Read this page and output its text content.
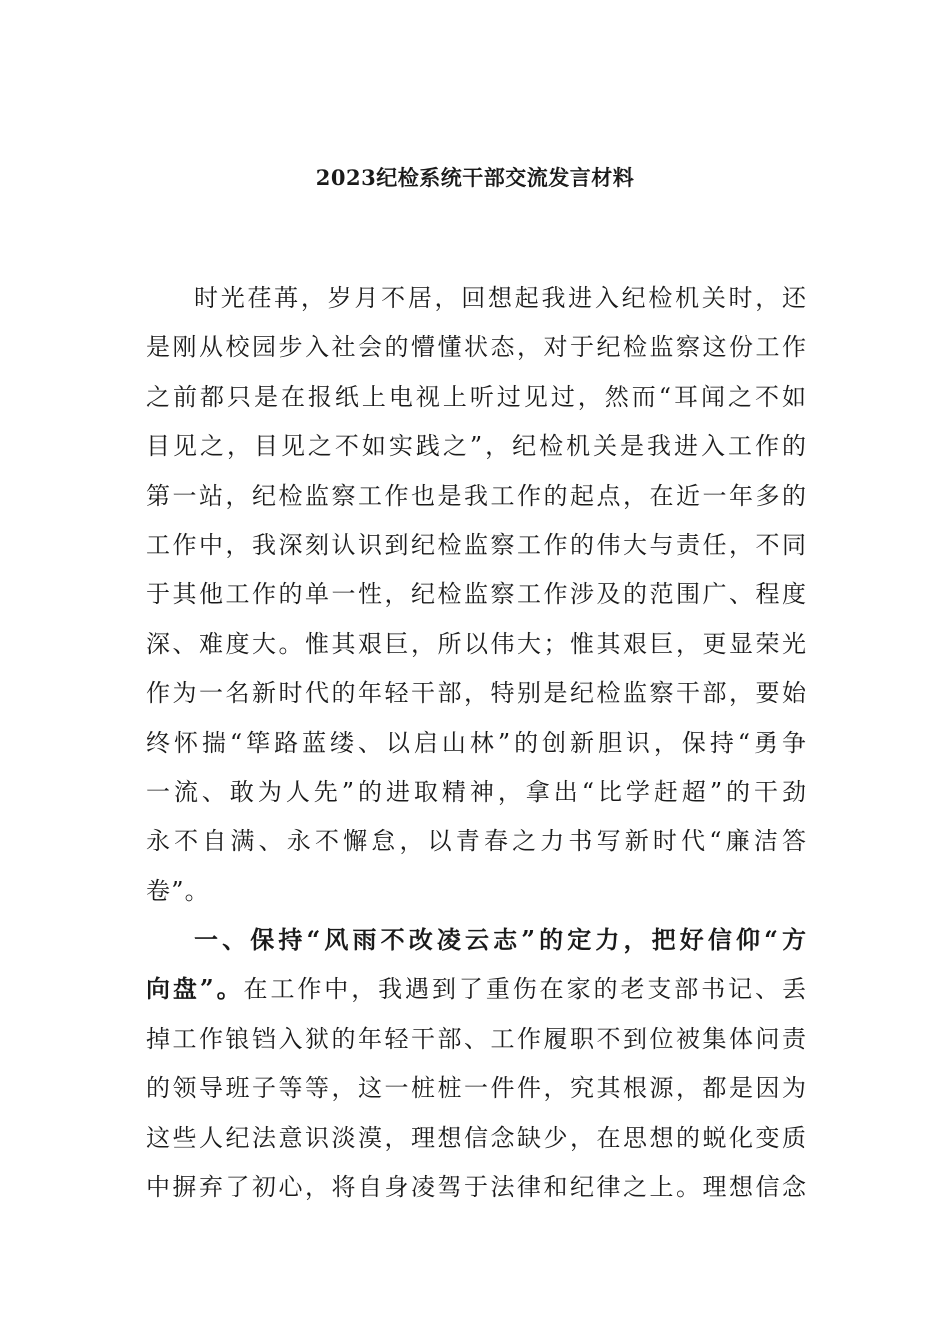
2023纪检系统干部交流发言材料
时光荏苒，岁月不居，回想起我进入纪检机关时，还
是刚从校园步入社会的懵懂状态，对于纪检监察这份工作
之前都只是在报纸上电视上听过见过，然而“耳闻之不如
目见之，目见之不如实践之”，纪检机关是我进入工作的
第一站，纪检监察工作也是我工作的起点，在近一年多的
工作中，我深刻认识到纪检监察工作的伟大与责任，不同
于其他工作的单一性，纪检监察工作涉及的范围广、程度
深、难度大。惟其艰巨，所以伟大；惟其艰巨，更显荣光
作为一名新时代的年轻干部，特别是纪检监察干部，要始
终怀揣“筚路蓝缕、以启山林”的创新胆识，保持“勇争
一流、敢为人先”的进取精神，拿出“比学赶超”的干劲
永不自满、永不懈怠，以青春之力书写新时代“廉洁答
卷”。
一、保持“风雨不改凌云志”的定力，把好信仰“方
向盘”。在工作中，我遇到了重伤在家的老支部书记、丢
掉工作锒铛入狱的年轻干部、工作履职不到位被集体问责
的领导班子等等，这一桩桩一件件，究其根源，都是因为
这些人纪法意识淡漠，理想信念缺少，在思想的蜕化变质
中摒弃了初心，将自身凌驾于法律和纪律之上。理想信念
